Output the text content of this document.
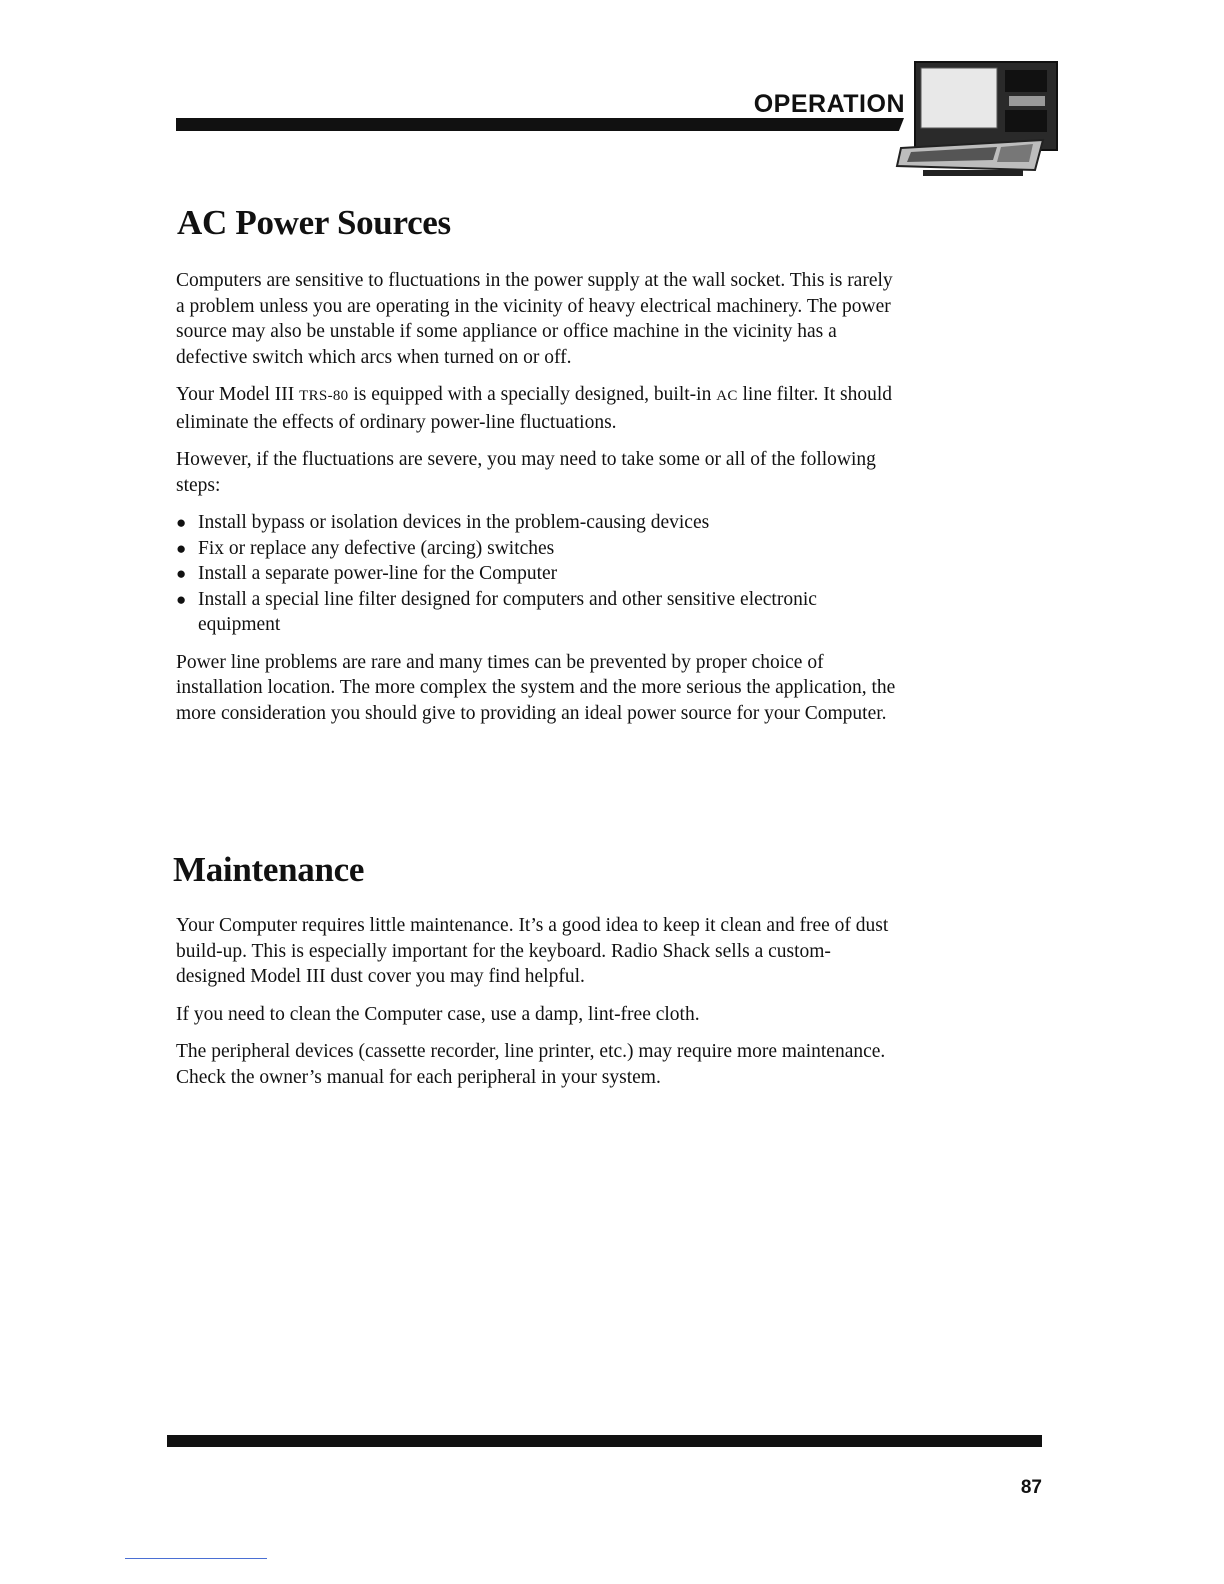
OPERATION
AC Power Sources

Computers are sensitive to fluctuations in the power supply at the wall socket. This is rarely a problem unless you are operating in the vicinity of heavy electrical machinery. The power source may also be unstable if some appliance or office machine in the vicinity has a defective switch which arcs when turned on or off.

Your Model III TRS-80 is equipped with a specially designed, built-in AC line filter. It should eliminate the effects of ordinary power-line fluctuations.

However, if the fluctuations are severe, you may need to take some or all of the following steps:

● Install bypass or isolation devices in the problem-causing devices
● Fix or replace any defective (arcing) switches
● Install a separate power-line for the Computer
● Install a special line filter designed for computers and other sensitive electronic equipment

Power line problems are rare and many times can be prevented by proper choice of installation location. The more complex the system and the more serious the application, the more consideration you should give to providing an ideal power source for your Computer.

Maintenance

Your Computer requires little maintenance. It’s a good idea to keep it clean and free of dust build-up. This is especially important for the keyboard. Radio Shack sells a custom-designed Model III dust cover you may find helpful.

If you need to clean the Computer case, use a damp, lint-free cloth.

The peripheral devices (cassette recorder, line printer, etc.) may require more maintenance. Check the owner’s manual for each peripheral in your system.

87
